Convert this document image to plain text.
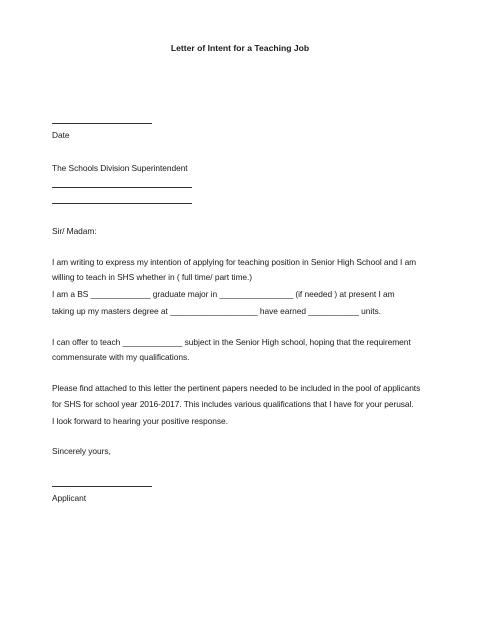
Letter of Intent for a Teaching Job
Date
The Schools Division Superintendent
Sir/ Madam:
I am writing to express my intention of applying for teaching position in Senior High School and I am
willing to teach in SHS whether in ( full time/ part time.)
I am a BS _____________ graduate major in ________________ (if needed ) at present I am
taking up my masters degree at ___________________ have earned ___________ units.
I can offer to teach _____________ subject in the Senior High school, hoping that the requirement
commensurate with my qualifications.
Please find attached to this letter the pertinent papers needed to be included in the pool of applicants
for SHS for school year 2016-2017. This includes various qualifications that I have for your perusal.
I look forward to hearing your positive response.
Sincerely yours,
Applicant
